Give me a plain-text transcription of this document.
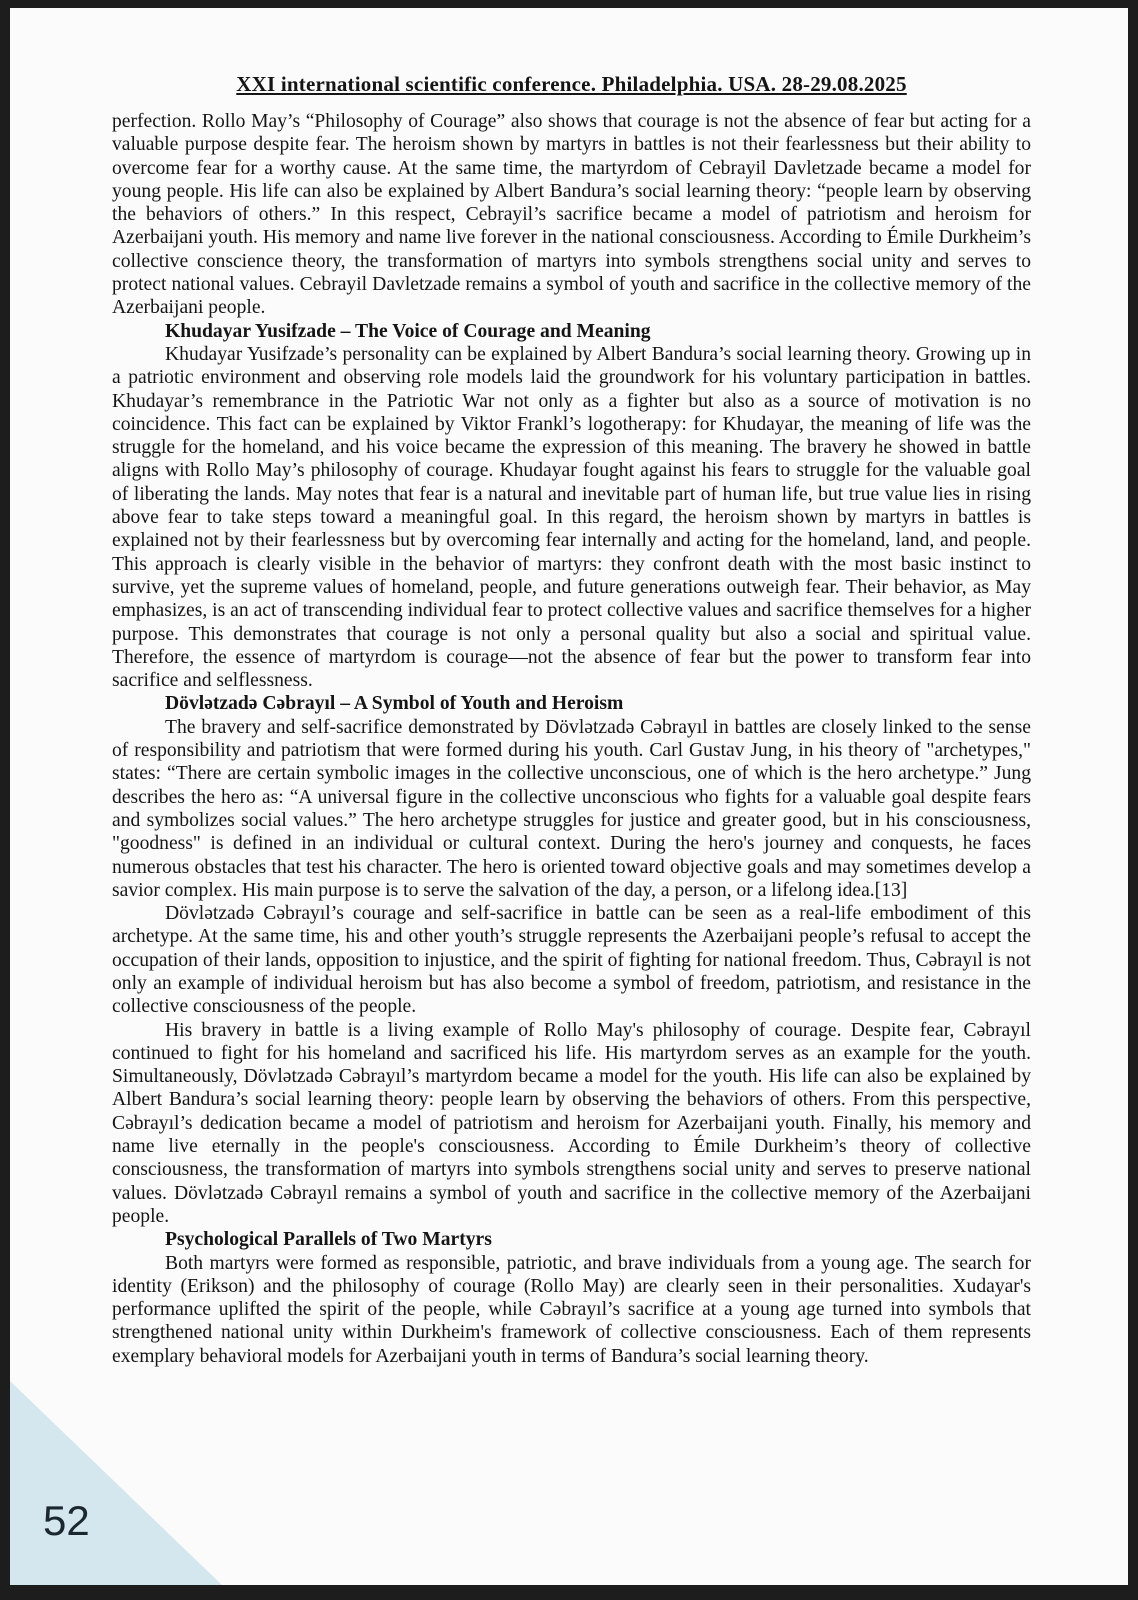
XXI international scientific conference. Philadelphia. USA. 28-29.08.2025

perfection. Rollo May’s “Philosophy of Courage” also shows that courage is not the absence of fear but acting for a valuable purpose despite fear. The heroism shown by martyrs in battles is not their fearlessness but their ability to overcome fear for a worthy cause. At the same time, the martyrdom of Cebrayil Davletzade became a model for young people. His life can also be explained by Albert Bandura’s social learning theory: “people learn by observing the behaviors of others.” In this respect, Cebrayil’s sacrifice became a model of patriotism and heroism for Azerbaijani youth. His memory and name live forever in the national consciousness. According to Émile Durkheim’s collective conscience theory, the transformation of martyrs into symbols strengthens social unity and serves to protect national values. Cebrayil Davletzade remains a symbol of youth and sacrifice in the collective memory of the Azerbaijani people.

Khudayar Yusifzade – The Voice of Courage and Meaning

Khudayar Yusifzade’s personality can be explained by Albert Bandura’s social learning theory. Growing up in a patriotic environment and observing role models laid the groundwork for his voluntary participation in battles. Khudayar’s remembrance in the Patriotic War not only as a fighter but also as a source of motivation is no coincidence. This fact can be explained by Viktor Frankl’s logotherapy: for Khudayar, the meaning of life was the struggle for the homeland, and his voice became the expression of this meaning. The bravery he showed in battle aligns with Rollo May’s philosophy of courage. Khudayar fought against his fears to struggle for the valuable goal of liberating the lands. May notes that fear is a natural and inevitable part of human life, but true value lies in rising above fear to take steps toward a meaningful goal. In this regard, the heroism shown by martyrs in battles is explained not by their fearlessness but by overcoming fear internally and acting for the homeland, land, and people. This approach is clearly visible in the behavior of martyrs: they confront death with the most basic instinct to survive, yet the supreme values of homeland, people, and future generations outweigh fear. Their behavior, as May emphasizes, is an act of transcending individual fear to protect collective values and sacrifice themselves for a higher purpose. This demonstrates that courage is not only a personal quality but also a social and spiritual value. Therefore, the essence of martyrdom is courage—not the absence of fear but the power to transform fear into sacrifice and selflessness.

Dövlətzadə Cəbrayıl – A Symbol of Youth and Heroism

The bravery and self-sacrifice demonstrated by Dövlətzadə Cəbrayıl in battles are closely linked to the sense of responsibility and patriotism that were formed during his youth. Carl Gustav Jung, in his theory of "archetypes," states: “There are certain symbolic images in the collective unconscious, one of which is the hero archetype.” Jung describes the hero as: “A universal figure in the collective unconscious who fights for a valuable goal despite fears and symbolizes social values.” The hero archetype struggles for justice and greater good, but in his consciousness, "goodness" is defined in an individual or cultural context. During the hero's journey and conquests, he faces numerous obstacles that test his character. The hero is oriented toward objective goals and may sometimes develop a savior complex. His main purpose is to serve the salvation of the day, a person, or a lifelong idea.[13]

Dövlətzadə Cəbrayıl’s courage and self-sacrifice in battle can be seen as a real-life embodiment of this archetype. At the same time, his and other youth’s struggle represents the Azerbaijani people’s refusal to accept the occupation of their lands, opposition to injustice, and the spirit of fighting for national freedom. Thus, Cəbrayıl is not only an example of individual heroism but has also become a symbol of freedom, patriotism, and resistance in the collective consciousness of the people.

His bravery in battle is a living example of Rollo May's philosophy of courage. Despite fear, Cəbrayıl continued to fight for his homeland and sacrificed his life. His martyrdom serves as an example for the youth. Simultaneously, Dövlətzadə Cəbrayıl’s martyrdom became a model for the youth. His life can also be explained by Albert Bandura’s social learning theory: people learn by observing the behaviors of others. From this perspective, Cəbrayıl’s dedication became a model of patriotism and heroism for Azerbaijani youth. Finally, his memory and name live eternally in the people's consciousness. According to Émile Durkheim’s theory of collective consciousness, the transformation of martyrs into symbols strengthens social unity and serves to preserve national values. Dövlətzadə Cəbrayıl remains a symbol of youth and sacrifice in the collective memory of the Azerbaijani people.

Psychological Parallels of Two Martyrs

Both martyrs were formed as responsible, patriotic, and brave individuals from a young age. The search for identity (Erikson) and the philosophy of courage (Rollo May) are clearly seen in their personalities. Xudayar's performance uplifted the spirit of the people, while Cəbrayıl’s sacrifice at a young age turned into symbols that strengthened national unity within Durkheim's framework of collective consciousness. Each of them represents exemplary behavioral models for Azerbaijani youth in terms of Bandura’s social learning theory.

52
